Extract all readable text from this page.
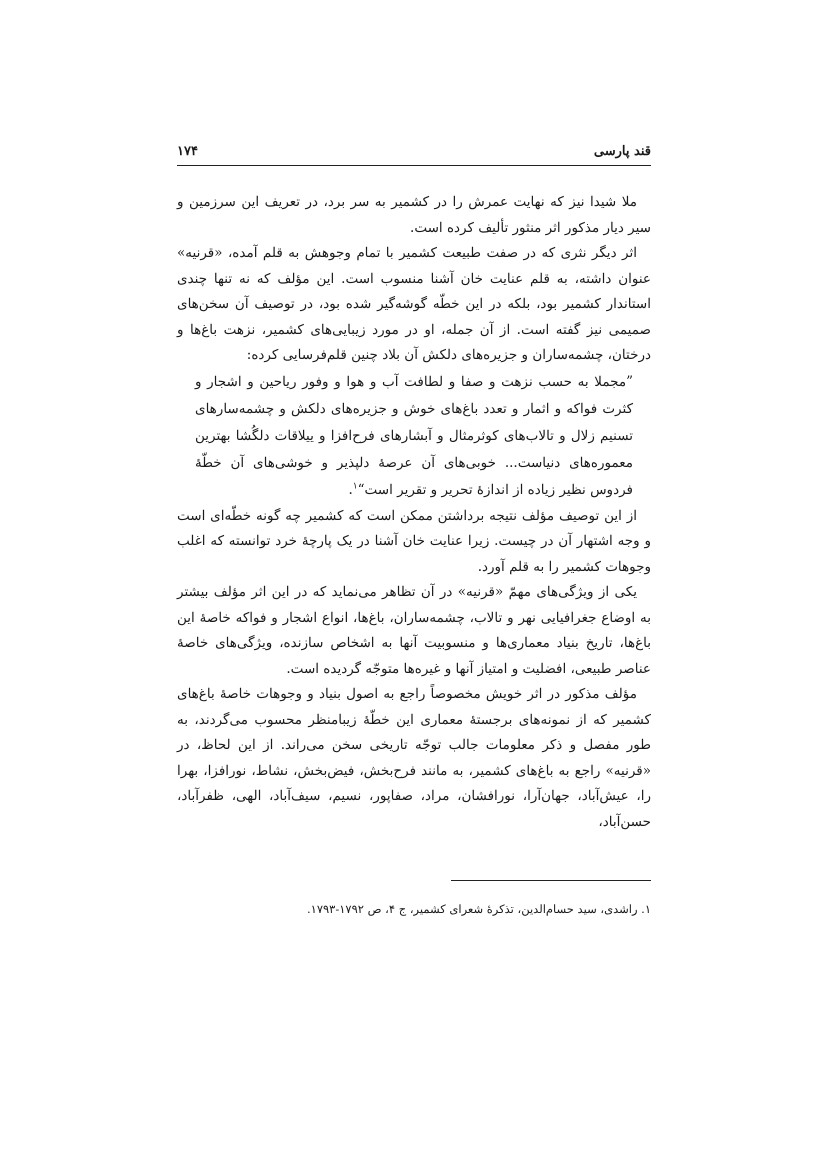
قند پارسی
۱۷۴

ملا شیدا نیز که نهایت عمرش را در کشمیر به سر برد، در تعریف این سرزمین و سیر دیار مذکور اثر منثور تألیف کرده است.

اثر دیگر نثری که در صفت طبیعت کشمیر با تمام وجوهش به قلم آمده، «قرنیه» عنوان داشته، به قلم عنایت خان آشنا منسوب است. این مؤلف که نه تنها چندی استاندار کشمیر بود، بلکه در این خطّه گوشه‌گیر شده بود، در توصیف آن سخن‌های صمیمی نیز گفته است. از آن جمله، او در مورد زیبایی‌های کشمیر، نزهت باغ‌ها و درختان، چشمه‌ساران و جزیره‌های دلکش آن بلاد چنین قلم‌فرسایی کرده:

”مجملا به حسب نزهت و صفا و لطافت آب و هوا و وفور ریاحین و اشجار و کثرت فواکه و اثمار و تعدد باغ‌های خوش و جزیره‌های دلکش و چشمه‌سارهای تسنیم زلال و تالاب‌های کوثرمثال و آبشارهای فرح‌افزا و ییلاقات دلگُشا بهترین معموره‌های دنیاست... خوبی‌های آن عرصهٔ دلپذیر و خوشی‌های آن خطّهٔ فردوس نظیر زیاده از اندازهٔ تحریر و تقریر است“$^۱$.

از این توصیف مؤلف نتیجه برداشتن ممکن است که کشمیر چه گونه خطّه‌ای است و وجه اشتهار آن در چیست. زیرا عنایت خان آشنا در یک پارچهٔ خرد توانسته که اغلب وجوهات کشمیر را به قلم آورد.

یکی از ویژگی‌های مهمّ «قرنیه» در آن تظاهر می‌نماید که در این اثر مؤلف بیشتر به اوضاع جغرافیایی نهر و تالاب، چشمه‌ساران، باغ‌ها، انواع اشجار و فواکه خاصهٔ این باغ‌ها، تاریخ بنیاد معماری‌ها و منسوبیت آنها به اشخاص سازنده، ویژگی‌های خاصهٔ عناصر طبیعی، افضلیت و امتیاز آنها و غیره‌ها متوجّه گردیده است.

مؤلف مذکور در اثر خویش مخصوصاً راجع به اصول بنیاد و وجوهات خاصهٔ باغ‌های کشمیر که از نمونه‌های برجستهٔ معماری این خطّهٔ زیبامنظر محسوب می‌گردند، به طور مفصل و ذکر معلومات جالب توجّه تاریخی سخن می‌راند. از این لحاظ، در «قرنیه» راجع به باغ‌های کشمیر، به مانند فرح‌بخش، فیض‌بخش، نشاط، نورافزا، بهرا را، عیش‌آباد، جهان‌آرا، نورافشان، مراد، صفاپور، نسیم، سیف‌آباد، الهی، ظفرآباد، حسن‌آباد،

۱. راشدی، سید حسام‌الدین، تذکرهٔ شعرای کشمیر، ج ۴، ص ۱۷۹۲-۱۷۹۳.
